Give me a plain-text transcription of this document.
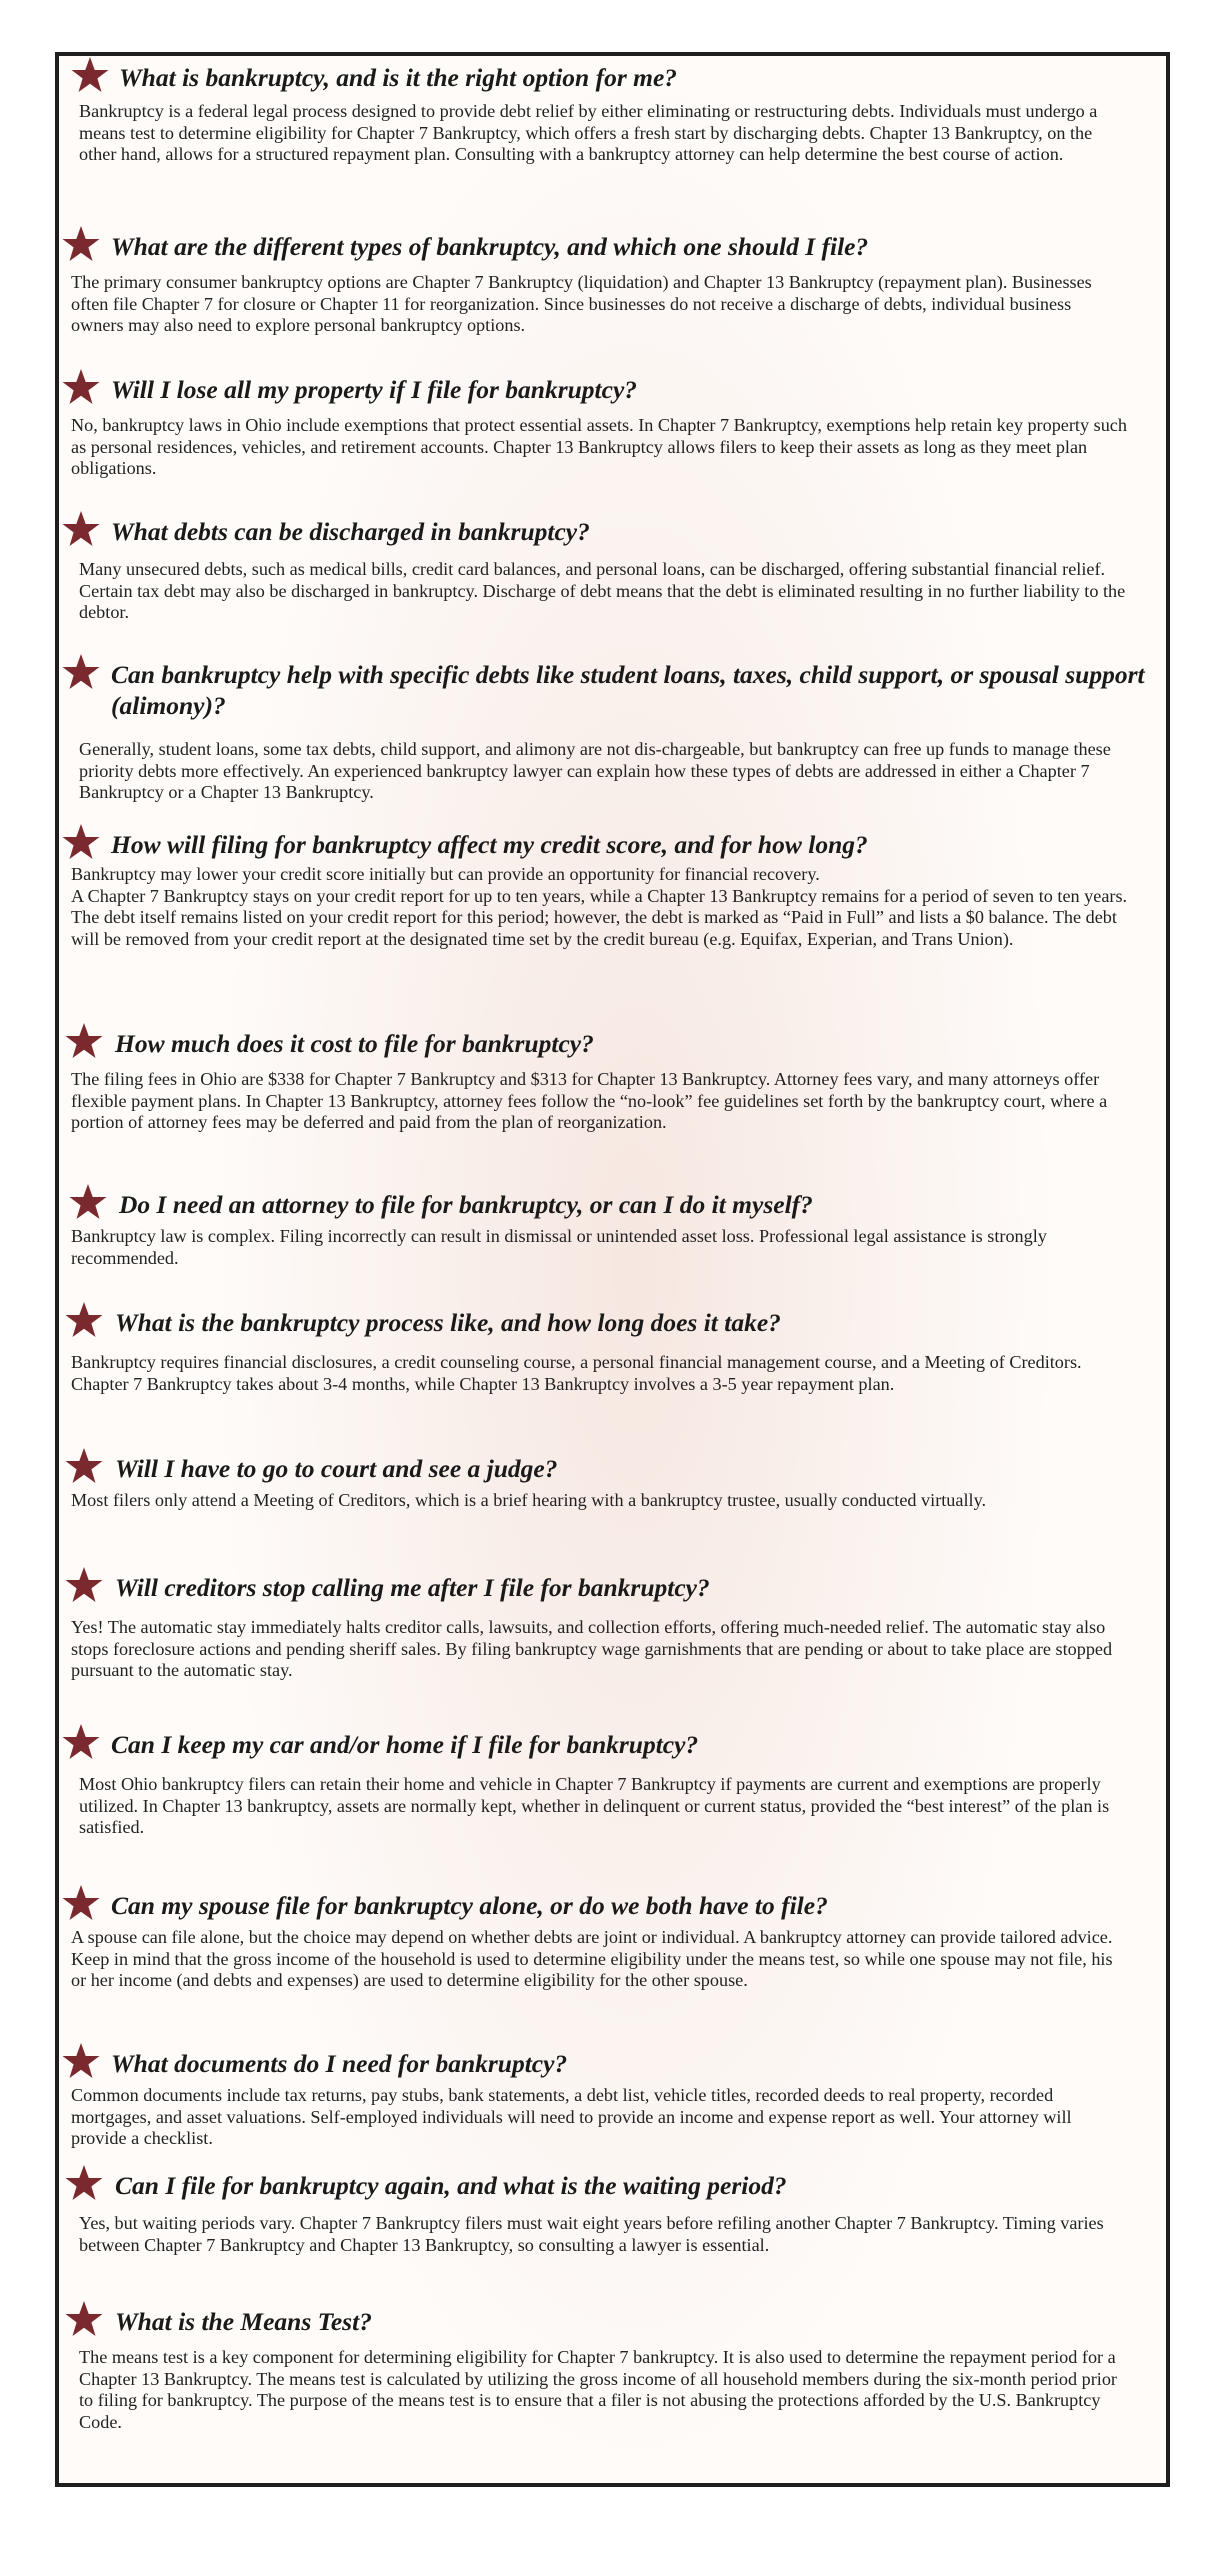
What is bankruptcy, and is it the right option for me?

Bankruptcy is a federal legal process designed to provide debt relief by either eliminating or restructuring debts. Individuals must undergo a means test to determine eligibility for Chapter 7 Bankruptcy, which offers a fresh start by discharging debts. Chapter 13 Bankruptcy, on the other hand, allows for a structured repayment plan. Consulting with a bankruptcy attorney can help determine the best course of action.

What are the different types of bankruptcy, and which one should I file?

The primary consumer bankruptcy options are Chapter 7 Bankruptcy (liquidation) and Chapter 13 Bankruptcy (repayment plan). Businesses often file Chapter 7 for closure or Chapter 11 for reorganization. Since businesses do not receive a discharge of debts, individual business owners may also need to explore personal bankruptcy options.

Will I lose all my property if I file for bankruptcy?

No, bankruptcy laws in Ohio include exemptions that protect essential assets. In Chapter 7 Bankruptcy, exemptions help retain key property such as personal residences, vehicles, and retirement accounts. Chapter 13 Bankruptcy allows filers to keep their assets as long as they meet plan obligations.

What debts can be discharged in bankruptcy?

Many unsecured debts, such as medical bills, credit card balances, and personal loans, can be discharged, offering substantial financial relief. Certain tax debt may also be discharged in bankruptcy. Discharge of debt means that the debt is eliminated resulting in no further liability to the debtor.

Can bankruptcy help with specific debts like student loans, taxes, child support, or spousal support (alimony)?

Generally, student loans, some tax debts, child support, and alimony are not dis-chargeable, but bankruptcy can free up funds to manage these priority debts more effectively. An experienced bankruptcy lawyer can explain how these types of debts are addressed in either a Chapter 7 Bankruptcy or a Chapter 13 Bankruptcy.

How will filing for bankruptcy affect my credit score, and for how long?

Bankruptcy may lower your credit score initially but can provide an opportunity for financial recovery.

A Chapter 7 Bankruptcy stays on your credit report for up to ten years, while a Chapter 13 Bankruptcy remains for a period of seven to ten years. The debt itself remains listed on your credit report for this period; however, the debt is marked as “Paid in Full” and lists a $0 balance. The debt will be removed from your credit report at the designated time set by the credit bureau (e.g. Equifax, Experian, and Trans Union).

How much does it cost to file for bankruptcy?

The filing fees in Ohio are $338 for Chapter 7 Bankruptcy and $313 for Chapter 13 Bankruptcy. Attorney fees vary, and many attorneys offer flexible payment plans. In Chapter 13 Bankruptcy, attorney fees follow the “no-look” fee guidelines set forth by the bankruptcy court, where a portion of attorney fees may be deferred and paid from the plan of reorganization.

Do I need an attorney to file for bankruptcy, or can I do it myself?

Bankruptcy law is complex. Filing incorrectly can result in dismissal or unintended asset loss. Professional legal assistance is strongly recommended.

What is the bankruptcy process like, and how long does it take?

Bankruptcy requires financial disclosures, a credit counseling course, a personal financial management course, and a Meeting of Creditors. Chapter 7 Bankruptcy takes about 3-4 months, while Chapter 13 Bankruptcy involves a 3-5 year repayment plan.

Will I have to go to court and see a judge?

Most filers only attend a Meeting of Creditors, which is a brief hearing with a bankruptcy trustee, usually conducted virtually.

Will creditors stop calling me after I file for bankruptcy?

Yes! The automatic stay immediately halts creditor calls, lawsuits, and collection efforts, offering much-needed relief. The automatic stay also stops foreclosure actions and pending sheriff sales. By filing bankruptcy wage garnishments that are pending or about to take place are stopped pursuant to the automatic stay.

Can I keep my car and/or home if I file for bankruptcy?

Most Ohio bankruptcy filers can retain their home and vehicle in Chapter 7 Bankruptcy if payments are current and exemptions are properly utilized. In Chapter 13 bankruptcy, assets are normally kept, whether in delinquent or current status, provided the “best interest” of the plan is satisfied.

Can my spouse file for bankruptcy alone, or do we both have to file?

A spouse can file alone, but the choice may depend on whether debts are joint or individual. A bankruptcy attorney can provide tailored advice. Keep in mind that the gross income of the household is used to determine eligibility under the means test, so while one spouse may not file, his or her income (and debts and expenses) are used to determine eligibility for the other spouse.

What documents do I need for bankruptcy?

Common documents include tax returns, pay stubs, bank statements, a debt list, vehicle titles, recorded deeds to real property, recorded mortgages, and asset valuations. Self-employed individuals will need to provide an income and expense report as well. Your attorney will provide a checklist.

Can I file for bankruptcy again, and what is the waiting period?

Yes, but waiting periods vary. Chapter 7 Bankruptcy filers must wait eight years before refiling another Chapter 7 Bankruptcy. Timing varies between Chapter 7 Bankruptcy and Chapter 13 Bankruptcy, so consulting a lawyer is essential.

What is the Means Test?

The means test is a key component for determining eligibility for Chapter 7 bankruptcy. It is also used to determine the repayment period for a Chapter 13 Bankruptcy. The means test is calculated by utilizing the gross income of all household members during the six-month period prior to filing for bankruptcy. The purpose of the means test is to ensure that a filer is not abusing the protections afforded by the U.S. Bankruptcy Code.
